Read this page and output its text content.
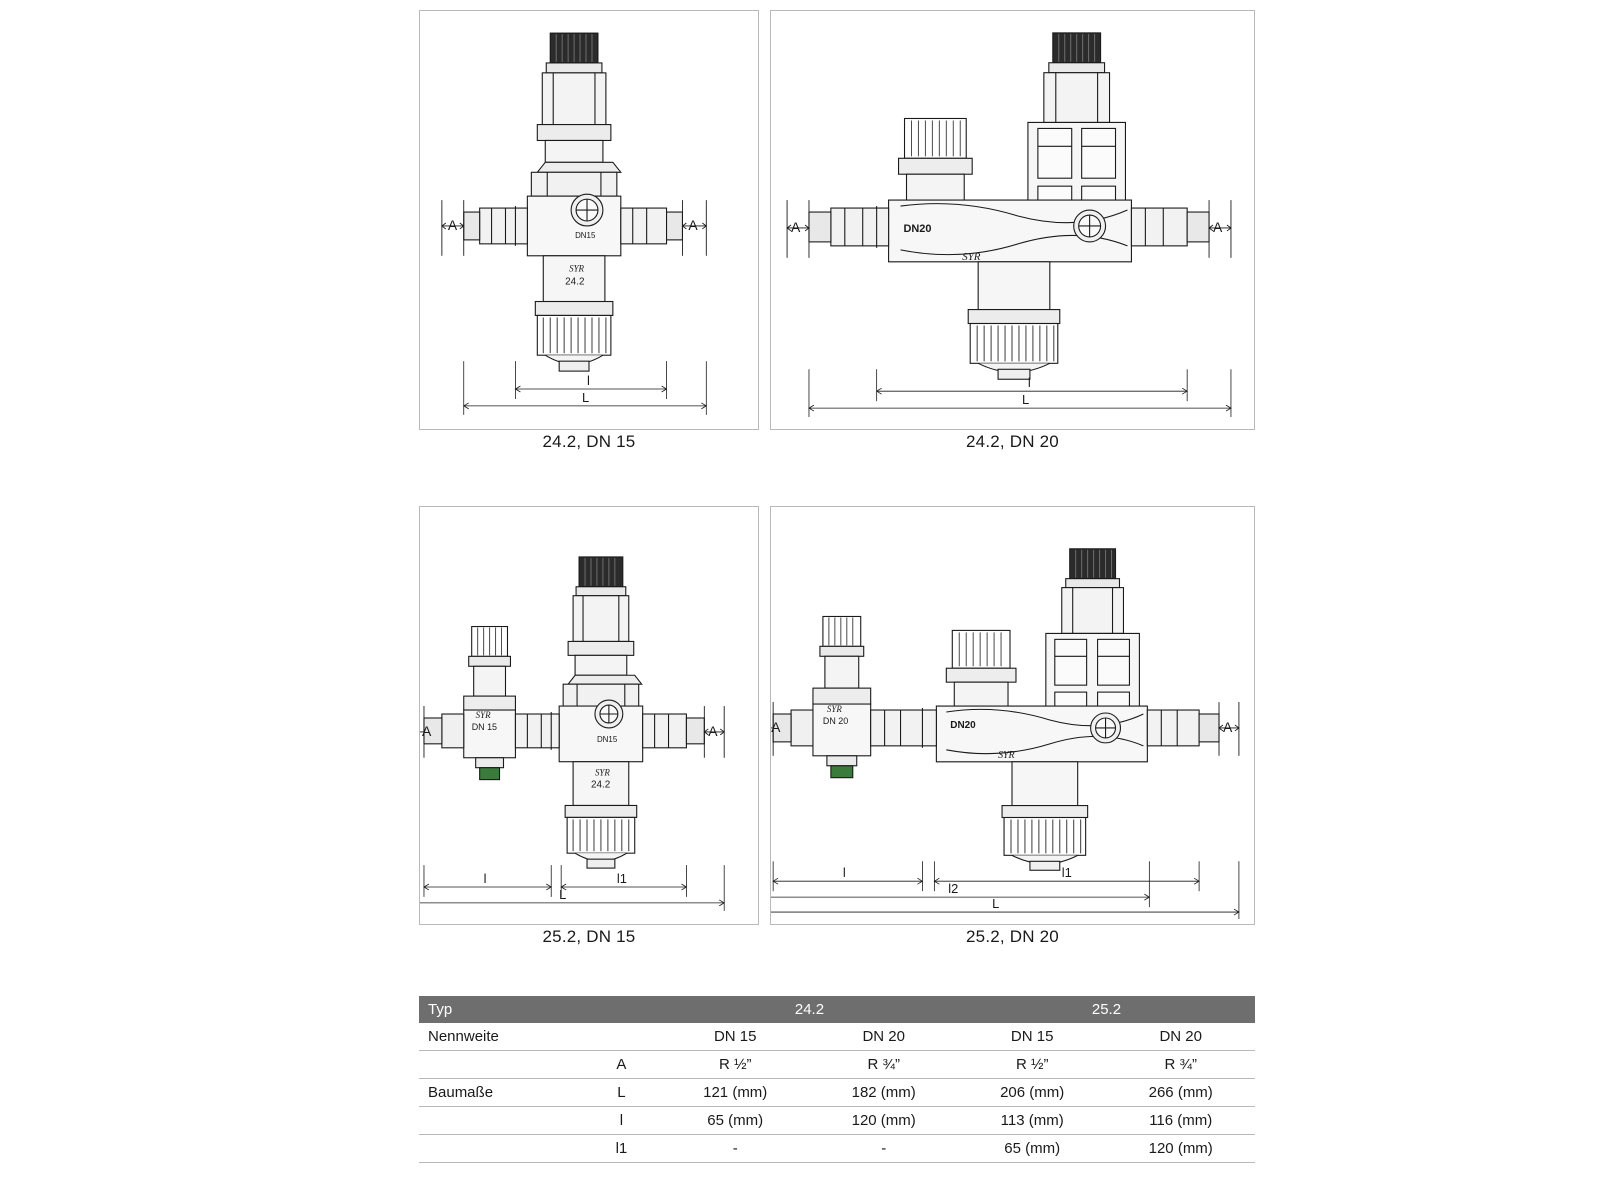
A	A
SYR
24.2
DN15
l
L
24.2, DN 15
A	A
DN20
SYR
l
L
24.2, DN 20
A	A
SYR
DN 15
DN15
SYR
24.2
l	l1
L
25.2, DN 15
A	A
SYR
DN 20	DN20
SYR
l	l1
l2
L
25.2, DN 20
Typ		24.2		25.2	
Nennweite		DN 15	DN 20	DN 15	DN 20
	A	R ½”	R ¾”	R ½”	R ¾”
Baumaße	L	121 (mm)	182 (mm)	206 (mm)	266 (mm)
	l	65 (mm)	120 (mm)	113 (mm)	116 (mm)
	l1	-	-	65 (mm)	120 (mm)
